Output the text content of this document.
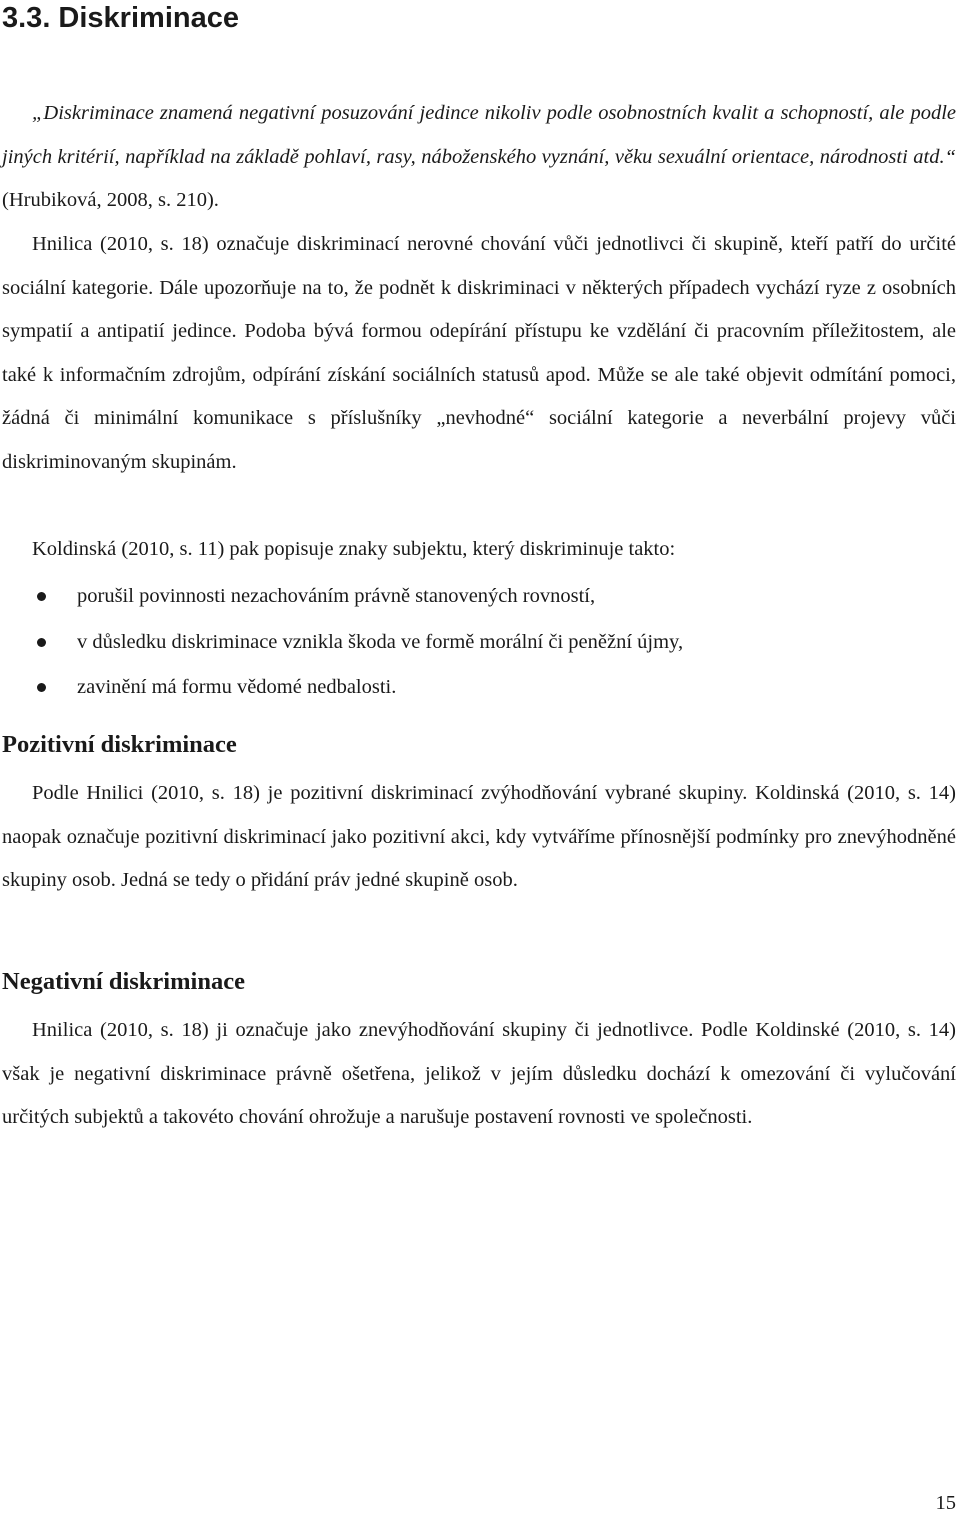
3.3. Diskriminace

„Diskriminace znamená negativní posuzování jedince nikoliv podle osobnostních kvalit a schopností, ale podle jiných kritérií, například na základě pohlaví, rasy, náboženského vyznání, věku sexuální orientace, národnosti atd.“ (Hrubiková, 2008, s. 210).

Hnilica (2010, s. 18) označuje diskriminací nerovné chování vůči jednotlivci či skupině, kteří patří do určité sociální kategorie. Dále upozorňuje na to, že podnět k diskriminaci v některých případech vychází ryze z osobních sympatií a antipatií jedince. Podoba bývá formou odepírání přístupu ke vzdělání či pracovním příležitostem, ale také k informačním zdrojům, odpírání získání sociálních statusů apod. Může se ale také objevit odmítání pomoci, žádná či minimální komunikace s příslušníky „nevhodné“ sociální kategorie a neverbální projevy vůči diskriminovaným skupinám.

Koldinská (2010, s. 11) pak popisuje znaky subjektu, který diskriminuje takto:

porušil povinnosti nezachováním právně stanovených rovností,
v důsledku diskriminace vznikla škoda ve formě morální či peněžní újmy,
zavinění má formu vědomé nedbalosti.
Pozitivní diskriminace

Podle Hnilici (2010, s. 18) je pozitivní diskriminací zvýhodňování vybrané skupiny. Koldinská (2010, s. 14) naopak označuje pozitivní diskriminací jako pozitivní akci, kdy vytváříme přínosnější podmínky pro znevýhodněné skupiny osob. Jedná se tedy o přidání práv jedné skupině osob.

Negativní diskriminace

Hnilica (2010, s. 18) ji označuje jako znevýhodňování skupiny či jednotlivce. Podle Koldinské (2010, s. 14) však je negativní diskriminace právně ošetřena, jelikož v jejím důsledku dochází k omezování či vylučování určitých subjektů a takovéto chování ohrožuje a narušuje postavení rovnosti ve společnosti.

15
